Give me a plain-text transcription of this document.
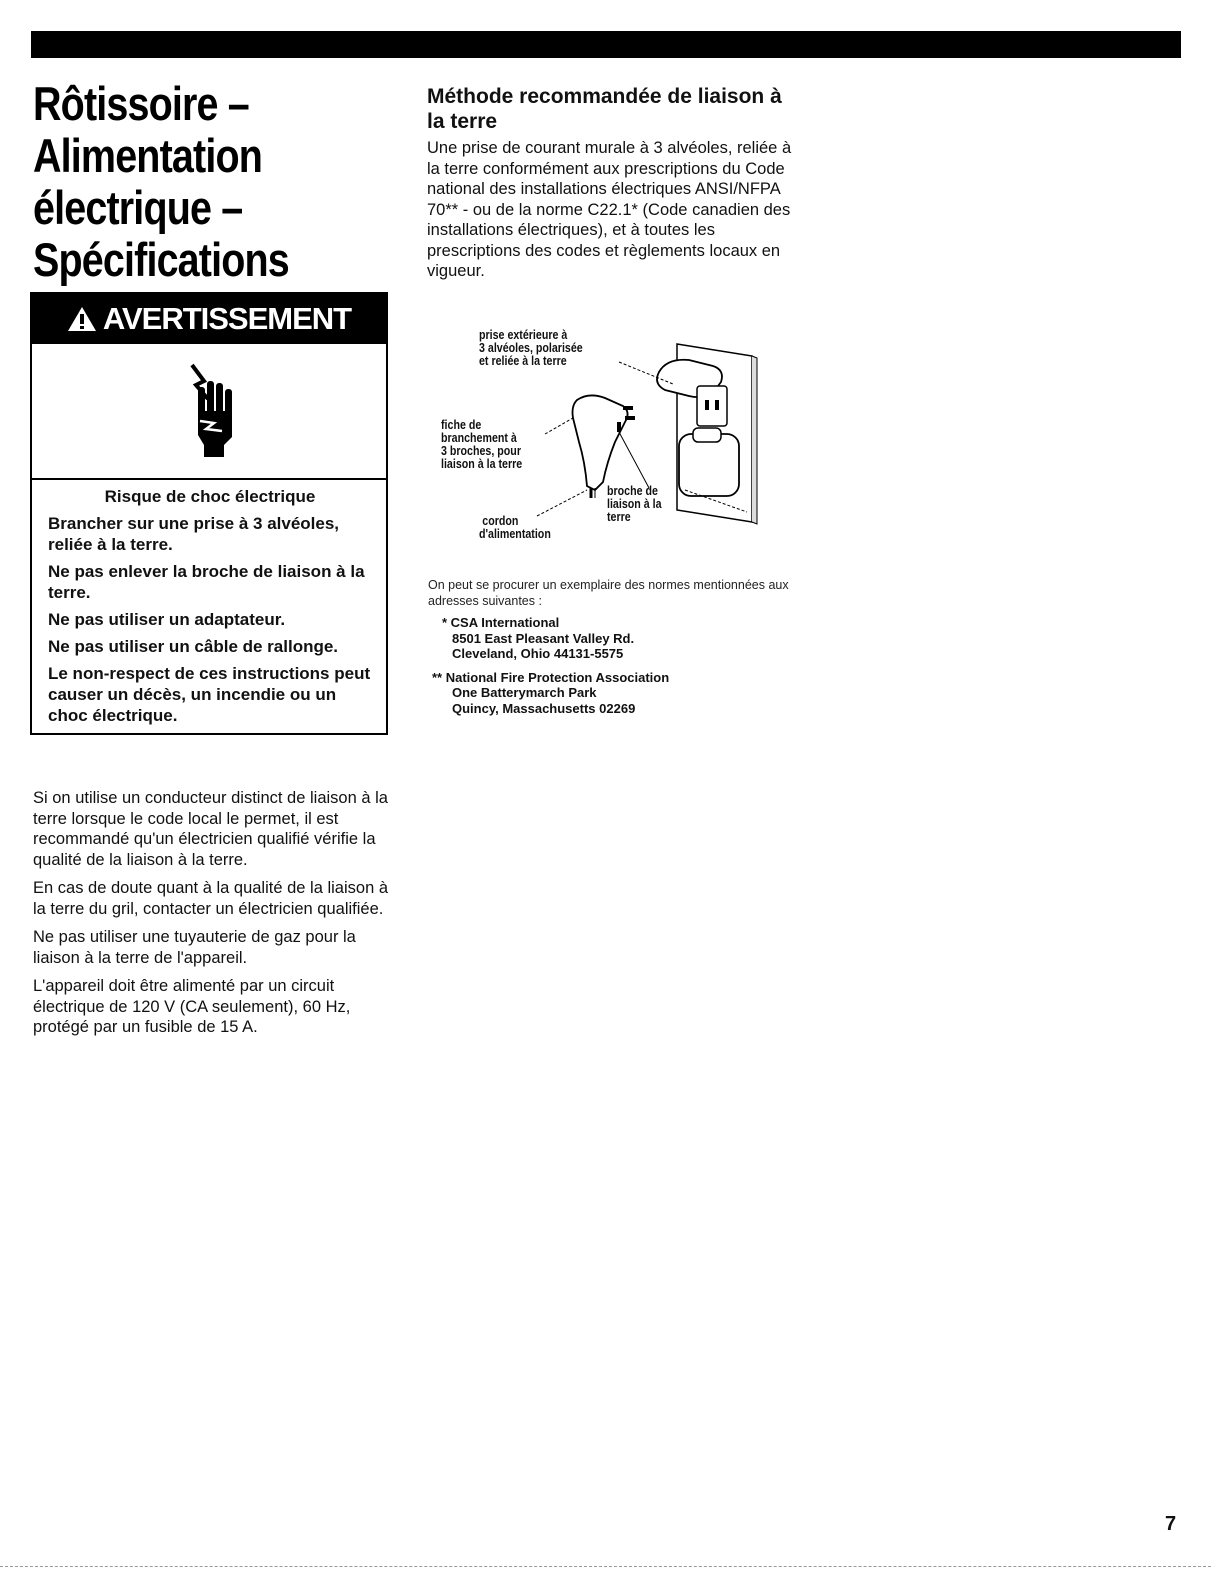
Rôtissoire –
Alimentation
électrique –
Spécifications
AVERTISSEMENT
Risque de choc électrique

Brancher sur une prise à 3 alvéoles, reliée à la terre.

Ne pas enlever la broche de liaison à la terre.

Ne pas utiliser un adaptateur.

Ne pas utiliser un câble de rallonge.

Le non-respect de ces instructions peut causer un décès, un incendie ou un choc électrique.

Si on utilise un conducteur distinct de liaison à la terre lorsque le code local le permet, il est recommandé qu'un électricien qualifié vérifie la qualité de la liaison à la terre.

En cas de doute quant à la qualité de la liaison à la terre du gril, contacter un électricien qualifiée.

Ne pas utiliser une tuyauterie de gaz pour la liaison à la terre de l'appareil.

L'appareil doit être alimenté par un circuit électrique de 120 V (CA seulement), 60 Hz, protégé par un fusible de 15 A.

Méthode recommandée de liaison à la terre

Une prise de courant murale à 3 alvéoles, reliée à la terre conformément aux prescriptions du Code national des installations électriques ANSI/NFPA 70** - ou de la norme C22.1* (Code canadien des installations électriques), et à toutes les prescriptions des codes et règlements locaux en vigueur.

prise extérieure à
3 alvéoles, polarisée
et reliée à la terre
fiche de
branchement à
3 broches, pour
liaison à la terre
broche de
liaison à la
terre
cordon
d'alimentation

On peut se procurer un exemplaire des normes mentionnées aux adresses suivantes :

* CSA International
8501 East Pleasant Valley Rd.
Cleveland, Ohio 44131-5575
** National Fire Protection Association
One Batterymarch Park
Quincy, Massachusetts 02269
7
